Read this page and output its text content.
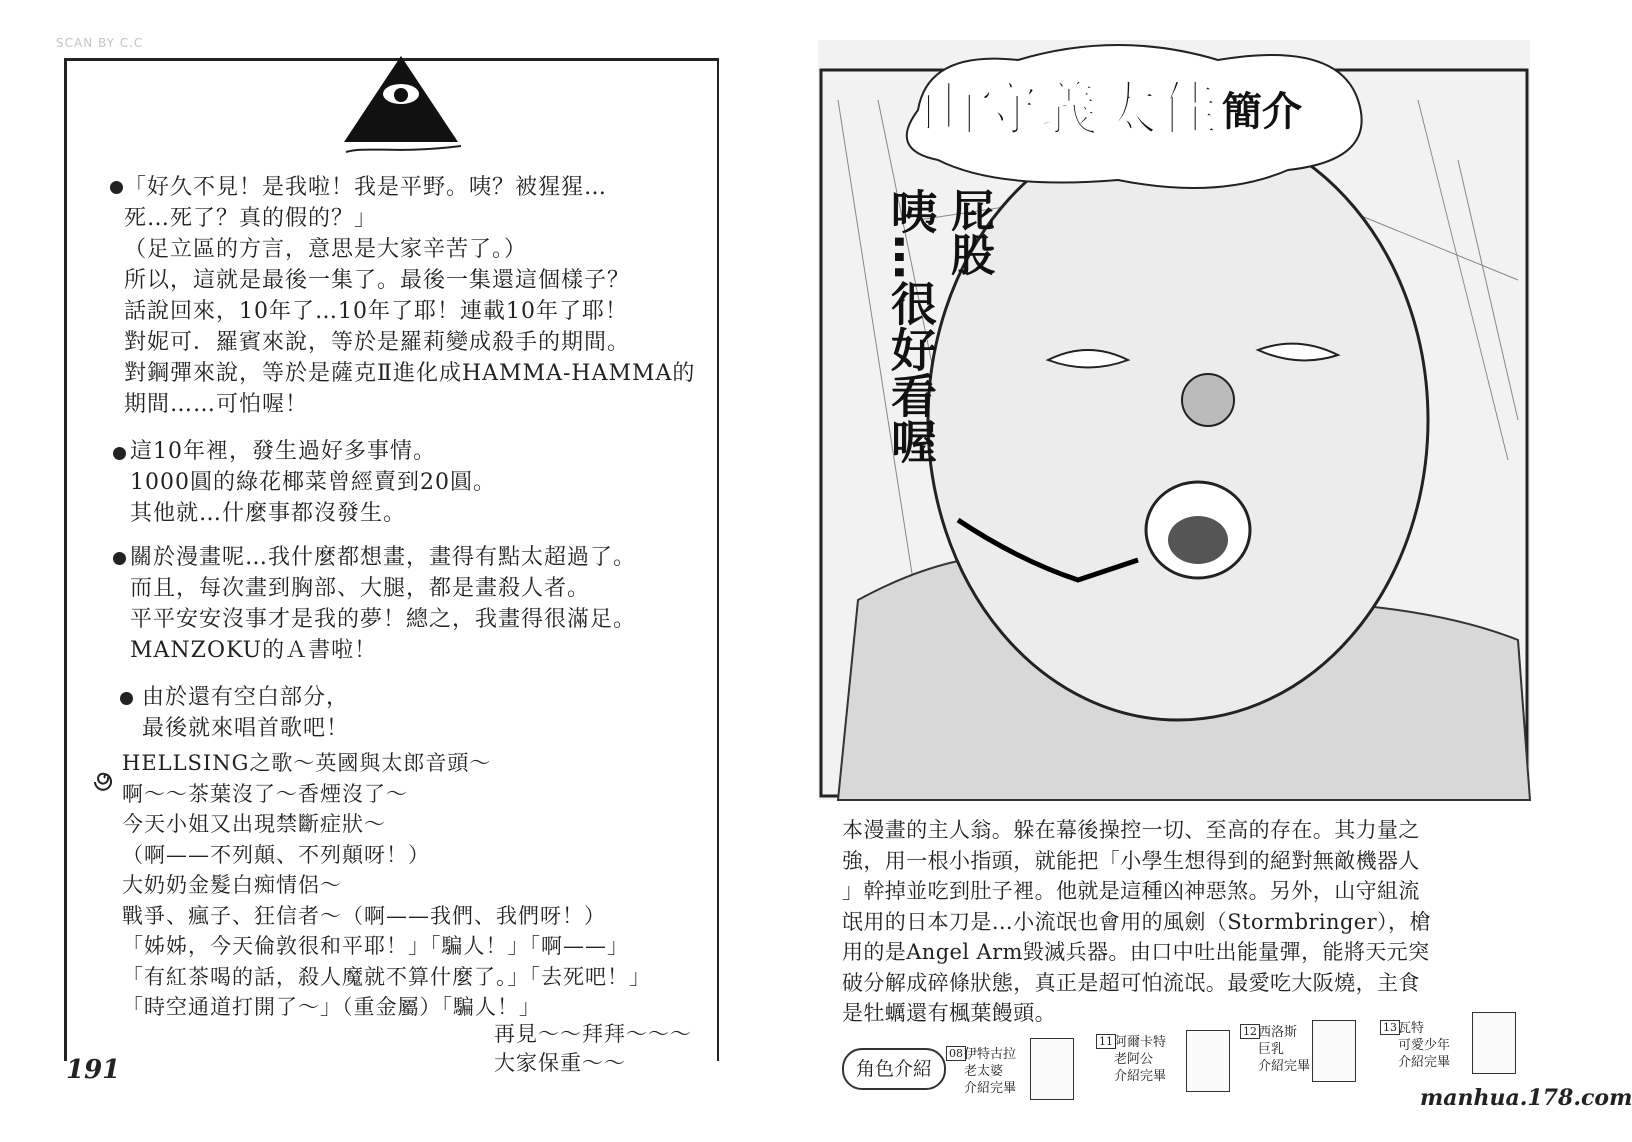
SCAN BY C.C
「好久不見！是我啦！我是平野。咦？被猩猩…
死…死了？真的假的？」
（足立區的方言，意思是大家辛苦了。）
所以，這就是最後一集了。最後一集還這個樣子？
話說回來，10年了…10年了耶！連載10年了耶！
對妮可．羅賓來說，等於是羅莉變成殺手的期間。
對鋼彈來說，等於是薩克Ⅱ進化成HAMMA-HAMMA的
期間……可怕喔！
這10年裡，發生過好多事情。
1000圓的綠花椰菜曾經賣到20圓。
其他就…什麼事都沒發生。
關於漫畫呢…我什麼都想畫，畫得有點太超過了。
而且，每次畫到胸部、大腿，都是畫殺人者。
平平安安沒事才是我的夢！總之，我畫得很滿足。
MANZOKU的Ａ書啦！
由於還有空白部分，
最後就來唱首歌吧！
HELLSING之歌～英國與太郎音頭～
啊～～茶葉沒了～香煙沒了～
今天小姐又出現禁斷症狀～
（啊——不列顛、不列顛呀！）
大奶奶金髮白痴情侶～
戰爭、瘋子、狂信者～（啊——我們、我們呀！）
「姊姊，今天倫敦很和平耶！」「騙人！」「啊——」
「有紅茶喝的話，殺人魔就不算什麼了。」「去死吧！」
「時空通道打開了～」（重金屬）「騙人！」
再見～～拜拜～～～
大家保重～～
191
山守義太佳 簡介
屁股
咦…很好看喔
本漫畫的主人翁。躲在幕後操控一切、至高的存在。其力量之
強，用一根小指頭，就能把「小學生想得到的絕對無敵機器人
」幹掉並吃到肚子裡。他就是這種凶神惡煞。另外，山守組流
氓用的日本刀是…小流氓也會用的風劍（Stormbringer），槍
用的是Angel Arm毀滅兵器。由口中吐出能量彈，能將天元突
破分解成碎條狀態，真正是超可怕流氓。最愛吃大阪燒，主食
是牡蠣還有楓葉饅頭。
角色介紹
08 伊特古拉
老太婆
介紹完畢
11 阿爾卡特
老阿公
介紹完畢
12 西洛斯
巨乳
介紹完畢
13 瓦特
可愛少年
介紹完畢
manhua.178.com
